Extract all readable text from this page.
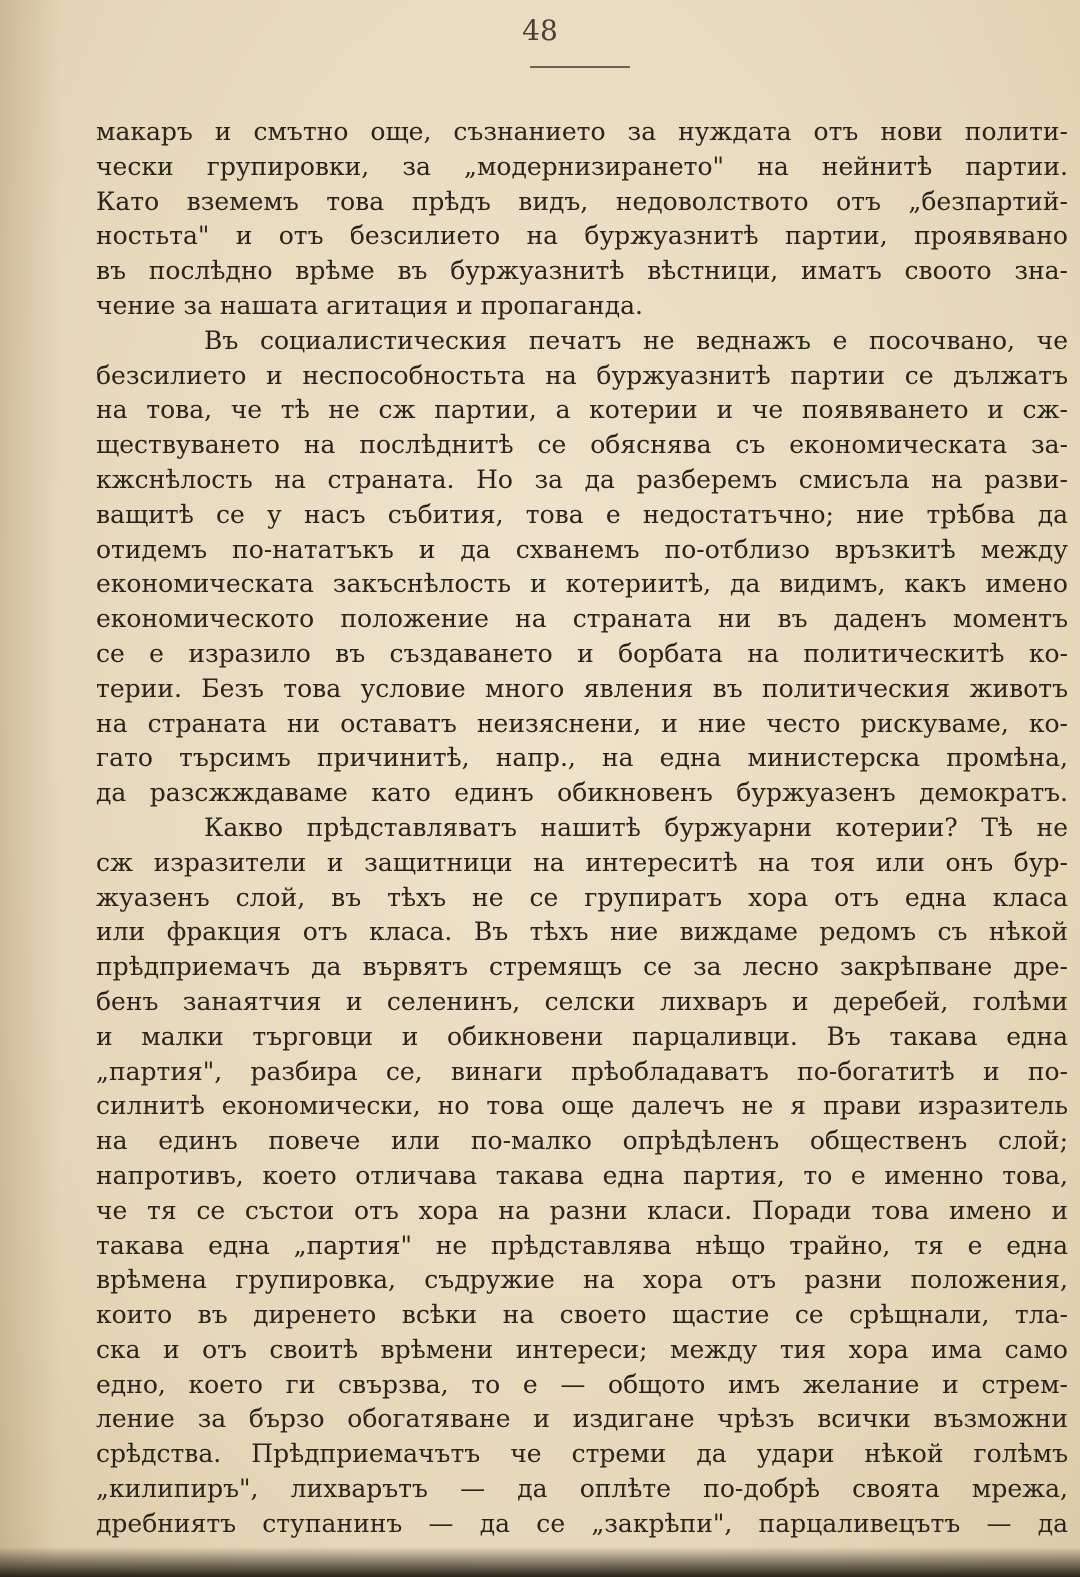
48
макаръ и смътно още, съзнанието за нуждата отъ нови полити-
чески групировки, за „модернизирането" на нейнитѣ партии.
Като вземемъ това прѣдъ видъ, недоволството отъ „безпартий-
ностьта" и отъ безсилието на буржуазнитѣ партии, проявявано
въ послѣдно врѣме въ буржуазнитѣ вѣстници, иматъ своото зна-
чение за нашата агитация и пропаганда.
Въ социалистическия печатъ не веднажъ е посочвано, че
безсилието и неспособностьта на буржуазнитѣ партии се дължатъ
на това, че тѣ не сж партии, а котерии и че появяването и сж-
ществуването на послѣднитѣ се обяснява съ економическата за-
кжснѣлость на страната. Но за да разберемъ смисъла на разви-
ващитѣ се у насъ събития, това е недостатъчно; ние трѣбва да
отидемъ по-нататъкъ и да схванемъ по-отблизо връзкитѣ между
економическата закъснѣлость и котериитѣ, да видимъ, какъ имено
економическото положение на страната ни въ даденъ моментъ
се е изразило въ създаването и борбата на политическитѣ ко-
терии. Безъ това условие много явления въ политическия животъ
на страната ни оставатъ неизяснени, и ние често рискуваме, ко-
гато търсимъ причинитѣ, напр., на една министерска промѣна,
да разсжждаваме като единъ обикновенъ буржуазенъ демократъ.
Какво прѣдставляватъ нашитѣ буржуарни котерии? Тѣ не
сж изразители и защитници на интереситѣ на тоя или онъ бур-
жуазенъ слой, въ тѣхъ не се групиратъ хора отъ една класа
или фракция отъ класа. Въ тѣхъ ние виждаме редомъ съ нѣкой
прѣдприемачъ да вървятъ стремящъ се за лесно закрѣпване дре-
бенъ занаятчия и селенинъ, селски лихваръ и деребей, голѣми
и малки търговци и обикновени парцаливци. Въ такава една
„партия", разбира се, винаги прѣобладаватъ по-богатитѣ и по-
силнитѣ економически, но това още далечъ не я прави изразитель
на единъ повече или по-малко опрѣдѣленъ общественъ слой;
напротивъ, което отличава такава една партия, то е именно това,
че тя се състои отъ хора на разни класи. Поради това имено и
такава една „партия" не прѣдставлява нѣщо трайно, тя е една
врѣмена групировка, съдружие на хора отъ разни положения,
които въ диренето всѣки на своето щастие се срѣщнали, тла-
ска и отъ своитѣ врѣмени интереси; между тия хора има само
едно, което ги свързва, то е — общото имъ желание и стрем-
ление за бързо обогатяване и издигане чрѣзъ всички възможни
срѣдства. Прѣдприемачътъ че стреми да удари нѣкой голѣмъ
„килипиръ", лихварътъ — да оплѣте по-добрѣ своята мрежа,
дребниятъ ступанинъ — да се „закрѣпи", парцаливецътъ — да
